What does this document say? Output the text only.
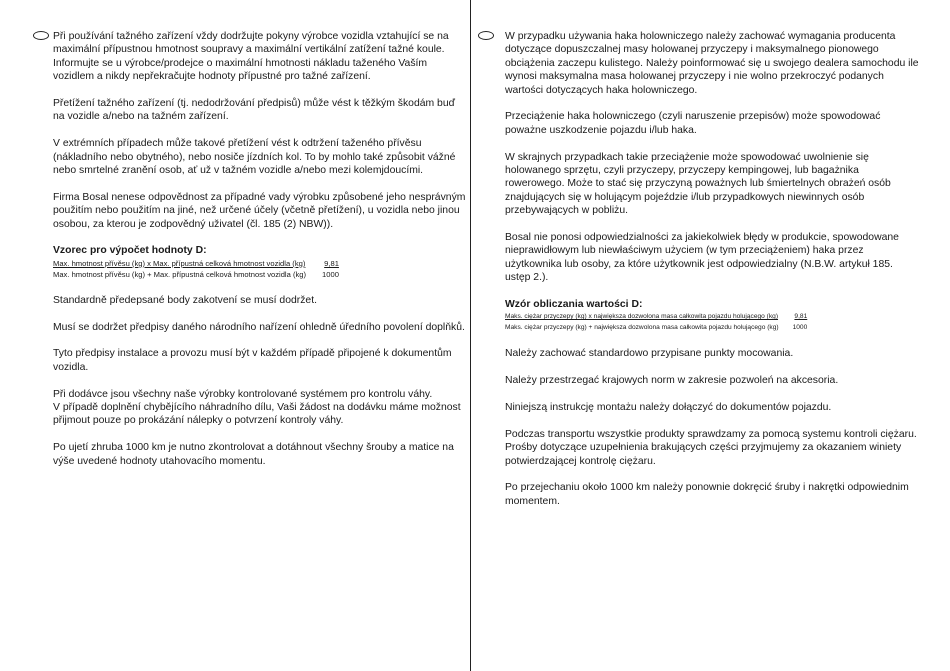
Při používání tažného zařízení vždy dodržujte pokyny výrobce vozidla vztahující se na maximální přípustnou hmotnost soupravy a maximální vertikální zatížení tažné koule.

Informujte se u výrobce/prodejce o maximální hmotnosti nákladu taženého Vaším vozidlem a nikdy nepřekračujte hodnoty přípustné pro tažné zařízení.

Přetížení tažného zařízení (tj. nedodržování předpisů) může vést k těžkým škodám buď na vozidle a/nebo na tažném zařízení.

V extrémních případech může takové přetížení vést k odtržení taženého přívěsu (nákladního nebo obytného), nebo nosiče jízdních kol. To by mohlo také způsobit vážné nebo smrtelné zranění osob, ať už v tažném vozidle a/nebo mezi kolemjdoucími.

Firma Bosal nenese odpovědnost za případné vady výrobku způsobené jeho nesprávným použitím nebo použitím na jiné, než určené účely (včetně přetížení), u vozidla nebo jinou osobou, za kterou je zodpovědný uživatel (čl. 185 (2) NBW)).

Vzorec pro výpočet hodnoty D:

Max. hmotnost přívěsu (kg) x Max. přípustná celková hmotnost vozidla (kg) 9,81
Max. hmotnost přívěsu (kg) + Max. přípustná celková hmotnost vozidla (kg) 1000

Standardně předepsané body zakotvení se musí dodržet.

Musí se dodržet předpisy daného národního nařízení ohledně úředního povolení doplňků.

Tyto předpisy instalace a provozu musí být v každém případě připojené k dokumentům vozidla.

Při dodávce jsou všechny naše výrobky kontrolované systémem pro kontrolu váhy.

V případě doplnění chybějícího náhradního dílu, Vaši žádost na dodávku máme možnost přijmout pouze po prokázání nálepky o potvrzení kontroly váhy.

Po ujetí zhruba 1000 km je nutno zkontrolovat a dotáhnout všechny šrouby a matice na výše uvedené hodnoty utahovacího momentu.

W przypadku używania haka holowniczego należy zachować wymagania producenta dotyczące dopuszczalnej masy holowanej przyczepy i maksymalnego pionowego obciążenia zaczepu kulistego. Należy poinformować się u swojego dealera samochodu ile wynosi maksymalna masa holowanej przyczepy i nie wolno przekroczyć podanych wartości dotyczących haka holowniczego.

Przeciążenie haka holowniczego (czyli naruszenie przepisów) może spowodować poważne uszkodzenie pojazdu i/lub haka.

W skrajnych przypadkach takie przeciążenie może spowodować uwolnienie się holowanego sprzętu, czyli przyczepy, przyczepy kempingowej, lub bagażnika rowerowego. Może to stać się przyczyną poważnych lub śmiertelnych obrażeń osób znajdujących się w holującym pojeździe i/lub przypadkowych niewinnych osób przebywających w pobliżu.

Bosal nie ponosi odpowiedzialności za jakiekolwiek błędy w produkcie, spowodowane nieprawidłowym lub niewłaściwym użyciem (w tym przeciążeniem) haka przez użytkownika lub osoby, za które użytkownik jest odpowiedzialny (N.B.W. artykuł 185. ustęp 2.).

Wzór obliczania wartości D:

Maks. ciężar przyczepy (kg) x największa dozwolona masa całkowita pojazdu holującego (kg) 9,81
Maks. ciężar przyczepy (kg) + największa dozwolona masa całkowita pojazdu holującego (kg) 1000

Należy zachować standardowo przypisane punkty mocowania.

Należy przestrzegać krajowych norm w zakresie pozwoleń na akcesoria.

Niniejszą instrukcję montażu należy dołączyć do dokumentów pojazdu.

Podczas transportu wszystkie produkty sprawdzamy za pomocą systemu kontroli ciężaru.

Prośby dotyczące uzupełnienia brakujących części przyjmujemy za okazaniem winiety potwierdzającej kontrolę ciężaru.

Po przejechaniu około 1000 km należy ponownie dokręcić śruby i nakrętki odpowiednim momentem.
